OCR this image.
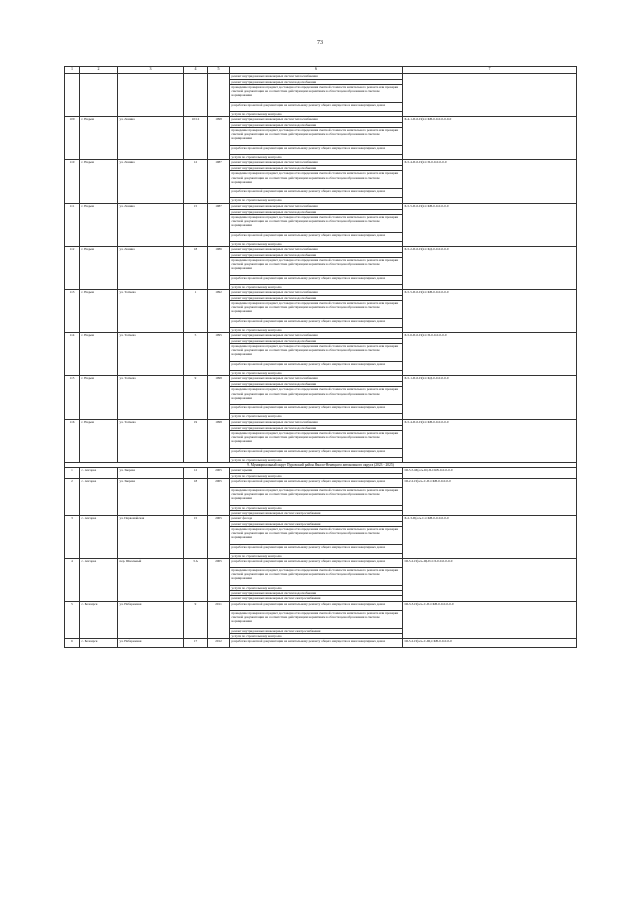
73
1	2	3	4	5	6	7
					ремонт внутридомовых инженерных систем теплоснабжения	
					ремонт внутридомовых инженерных систем водоснабжения	
					проведение проверки на предмет достоверности определения сметной стоимости капитального ремонта или проверки сметной документации на соответствие действующим нормативам в области ценообразования в сметном нормировании	
					разработка проектной документации на капитальному ремонту общего имущества в многоквартирных домах	
					услуги по строительному контролю	
109	г. Надым	ул. Ленина	10/12	1998	ремонт внутридомовых инженерных систем теплоснабжения	Б-4-1-П-0-П(2-СКВ-0-0-0-0-0-0-0
					ремонт внутридомовых инженерных систем водоснабжения	
					проведение проверки на предмет достоверности определения сметной стоимости капитального ремонта или проверки сметной документации на соответствие действующим нормативам в области ценообразования в сметном нормировании	
					разработка проектной документации на капитальному ремонту общего имущества в многоквартирных домах	
					услуги по строительному контролю	
110	г. Надым	ул. Ленина	12	1987	ремонт внутридомовых инженерных систем теплоснабжения	Б-5-4-П-0-П(2-СП-0-0-0-0-0-0
					ремонт внутридомовых инженерных систем водоснабжения	
					проведение проверки на предмет достоверности определения сметной стоимости капитального ремонта или проверки сметной документации на соответствие действующим нормативам в области ценообразования в сметном нормировании	
					разработка проектной документации на капитальному ремонту общего имущества в многоквартирных домах	
					услуги по строительному контролю	
111	г. Надым	ул. Ленина	15	1987	ремонт внутридомовых инженерных систем теплоснабжения	Б-5-5-П-0-П(2-СКВ-0-0-0-0-0-0
					ремонт внутридомовых инженерных систем водоснабжения	
					проведение проверки на предмет достоверности определения сметной стоимости капитального ремонта или проверки сметной документации на соответствие действующим нормативам в области ценообразования в сметном нормировании	
					разработка проектной документации на капитальному ремонту общего имущества в многоквартирных домах	
					услуги по строительному контролю	
112	г. Надым	ул. Ленина	18	1986	ремонт внутридомовых инженерных систем теплоснабжения	Б-5-2-П-0-П(2-СКД-0-0-0-0-0-0
					ремонт внутридомовых инженерных систем водоснабжения	
					проведение проверки на предмет достоверности определения сметной стоимости капитального ремонта или проверки сметной документации на соответствие действующим нормативам в области ценообразования в сметном нормировании	
					разработка проектной документации на капитальному ремонту общего имущества в многоквартирных домах	
					услуги по строительному контролю	
113	г. Надым	ул. Топчева	1	1992	ремонт внутридомовых инженерных систем теплоснабжения	Б-5-5-П-0-П(2-СКВ-0-0-0-0-0-0
					ремонт внутридомовых инженерных систем водоснабжения	
					проведение проверки на предмет достоверности определения сметной стоимости капитального ремонта или проверки сметной документации на соответствие действующим нормативам в области ценообразования в сметном нормировании	
					разработка проектной документации на капитальному ремонту общего имущества в многоквартирных домах	
					услуги по строительному контролю	
114	г. Надым	ул. Топчева	5	1995	ремонт внутридомовых инженерных систем теплоснабжения	Б-5-6-П-0-П(2-СП-0-0-0-0-0-0
					ремонт внутридомовых инженерных систем водоснабжения	
					проведение проверки на предмет достоверности определения сметной стоимости капитального ремонта или проверки сметной документации на соответствие действующим нормативам в области ценообразования в сметном нормировании	
					разработка проектной документации на капитальному ремонту общего имущества в многоквартирных домах	
					услуги по строительному контролю	
115	г. Надым	ул. Топчева	9	1998	ремонт внутридомовых инженерных систем теплоснабжения	Б-5-1-П-0-П(2-СКД-0-0-0-0-0-0
					ремонт внутридомовых инженерных систем водоснабжения	
					проведение проверки на предмет достоверности определения сметной стоимости капитального ремонта или проверки сметной документации на соответствие действующим нормативам в области ценообразования в сметном нормировании	
					разработка проектной документации на капитальному ремонту общего имущества в многоквартирных домах	
					услуги по строительному контролю	
116	г. Надым	ул. Топчева	19	1998	ремонт внутридомовых инженерных систем теплоснабжения	Б-5-4-П-0-П(2-СКВ-0-0-0-0-0-0
					ремонт внутридомовых инженерных систем водоснабжения	
					проведение проверки на предмет достоверности определения сметной стоимости капитального ремонта или проверки сметной документации на соответствие действующим нормативам в области ценообразования в сметном нормировании	
					разработка проектной документации на капитальному ремонту общего имущества в многоквартирных домах	
					услуги по строительному контролю	
9. Муниципальный округ Пуровский район Ямало-Ненецкого автономного округа (2023 - 2025)						
1	с. Ахсарка	ул. Зверева	12	2005	ремонт крыши	Ш-5-5-М(ось-Щ-П-СКВ-0-0-0-0-0
					услуги по строительному контролю	
2	с. Ахсарка	ул. Зверева	18	2005	разработка проектной документации на капитальному ремонту общего имущества в многоквартирных домах	Ш-2-2-П(ось-С-П-СКВ-0-0-0-0-0
					проведение проверки на предмет достоверности определения сметной стоимости капитального ремонта или проверки сметной документации на соответствие действующим нормативам в области ценообразования в сметном нормировании	
					услуги по строительному контролю	
					ремонт внутридомовых инженерных систем электроснабжения	
3	с. Ахсарка	ул. Первомайская	15	2005	ремонт фасада	Б-2-3-П(ось-С-СКВ-0-0-0-0-0-0
					ремонт внутридомовых инженерных систем электроснабжения	
					проведение проверки на предмет достоверности определения сметной стоимости капитального ремонта или проверки сметной документации на соответствие действующим нормативам в области ценообразования в сметном нормировании	
					разработка проектной документации на капитальному ремонту общего имущества в многоквартирных домах	
					услуги по строительному контролю	
4	с. Ахсарка	пер. Школьный	3 А	2005	разработка проектной документации на капитальному ремонту общего имущества в многоквартирных домах	Ш-5-2-П(ось-Щ-П-СЛ-0-0-0-0-0-0
					проведение проверки на предмет достоверности определения сметной стоимости капитального ремонта или проверки сметной документации на соответствие действующим нормативам в области ценообразования в сметном нормировании	
					услуги по строительному контролю	
					ремонт внутридомовых инженерных систем водоснабжения	
					ремонт внутридомовых инженерных систем электроснабжения	
5	с. Белоярск	ул. Набережная	9	2011	разработка проектной документации на капитальному ремонту общего имущества в многоквартирных домах	Ш-3-3-П(ось-С-П-СКВ-0-0-0-0-0-0
					проведение проверки на предмет достоверности определения сметной стоимости капитального ремонта или проверки сметной документации на соответствие действующим нормативам в области ценообразования в сметном нормировании	
					ремонт внутридомовых инженерных систем электроснабжения	
					услуги по строительному контролю	
6	с. Белоярск	ул. Набережная	17	2012	разработка проектной документации на капитальному ремонту общего имущества в многоквартирных домах	Ш-5-2-П(ось-С-Щ-СКВ-0-0-0-0-0
